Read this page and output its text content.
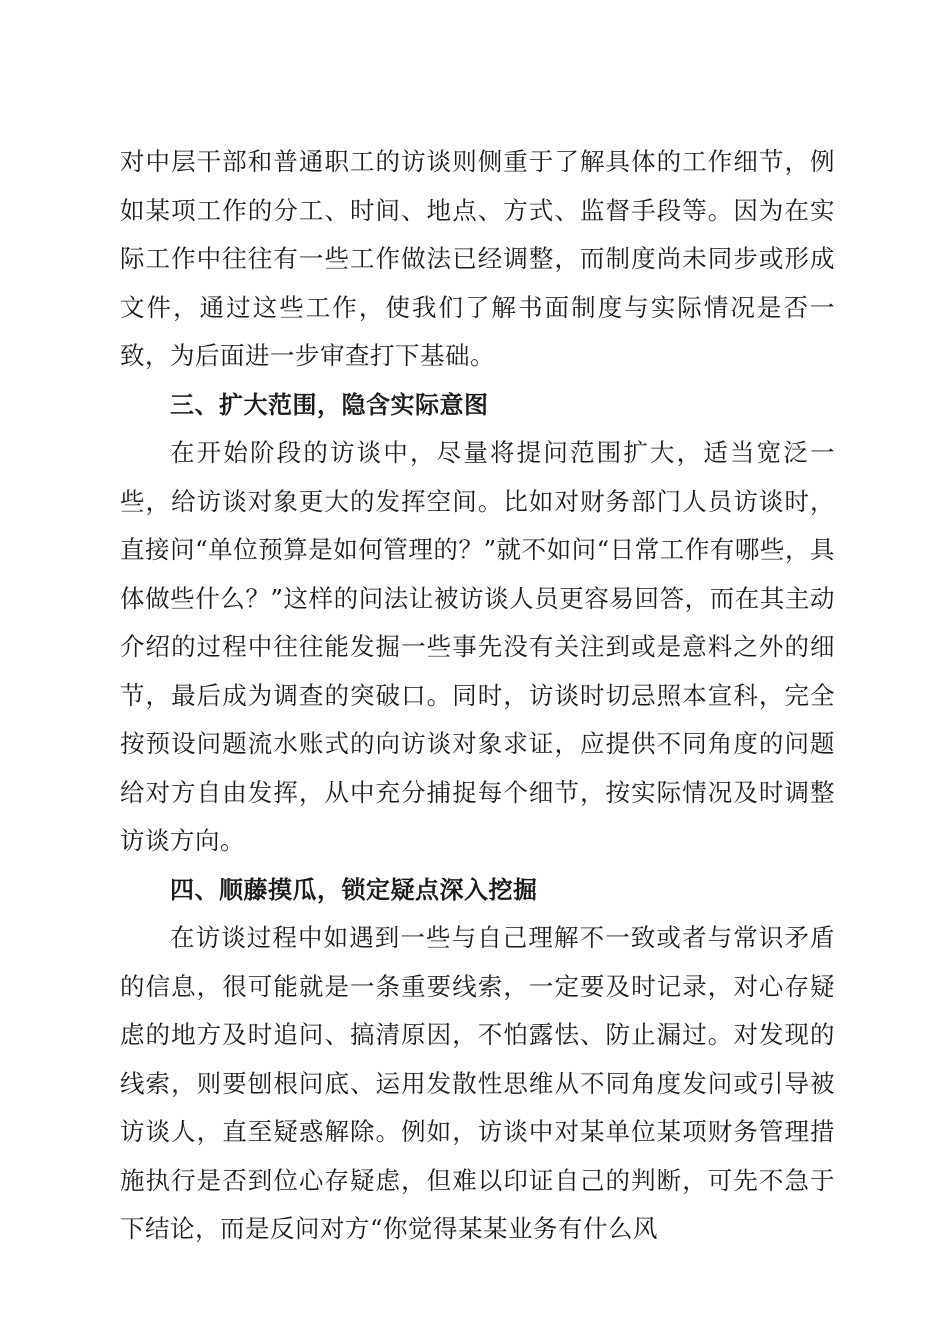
对中层干部和普通职工的访谈则侧重于了解具体的工作细节，例如某项工作的分工、时间、地点、方式、监督手段等。因为在实际工作中往往有一些工作做法已经调整，而制度尚未同步或形成文件，通过这些工作，使我们了解书面制度与实际情况是否一致，为后面进一步审查打下基础。

三、扩大范围，隐含实际意图

在开始阶段的访谈中，尽量将提问范围扩大，适当宽泛一些，给访谈对象更大的发挥空间。比如对财务部门人员访谈时，直接问“单位预算是如何管理的？”就不如问“日常工作有哪些，具体做些什么？”这样的问法让被访谈人员更容易回答，而在其主动介绍的过程中往往能发掘一些事先没有关注到或是意料之外的细节，最后成为调查的突破口。同时，访谈时切忌照本宣科，完全按预设问题流水账式的向访谈对象求证，应提供不同角度的问题给对方自由发挥，从中充分捕捉每个细节，按实际情况及时调整访谈方向。

四、顺藤摸瓜，锁定疑点深入挖掘

在访谈过程中如遇到一些与自己理解不一致或者与常识矛盾的信息，很可能就是一条重要线索，一定要及时记录，对心存疑虑的地方及时追问、搞清原因，不怕露怯、防止漏过。对发现的线索，则要刨根问底、运用发散性思维从不同角度发问或引导被访谈人，直至疑惑解除。例如，访谈中对某单位某项财务管理措施执行是否到位心存疑虑，但难以印证自己的判断，可先不急于下结论，而是反问对方“你觉得某某业务有什么风
